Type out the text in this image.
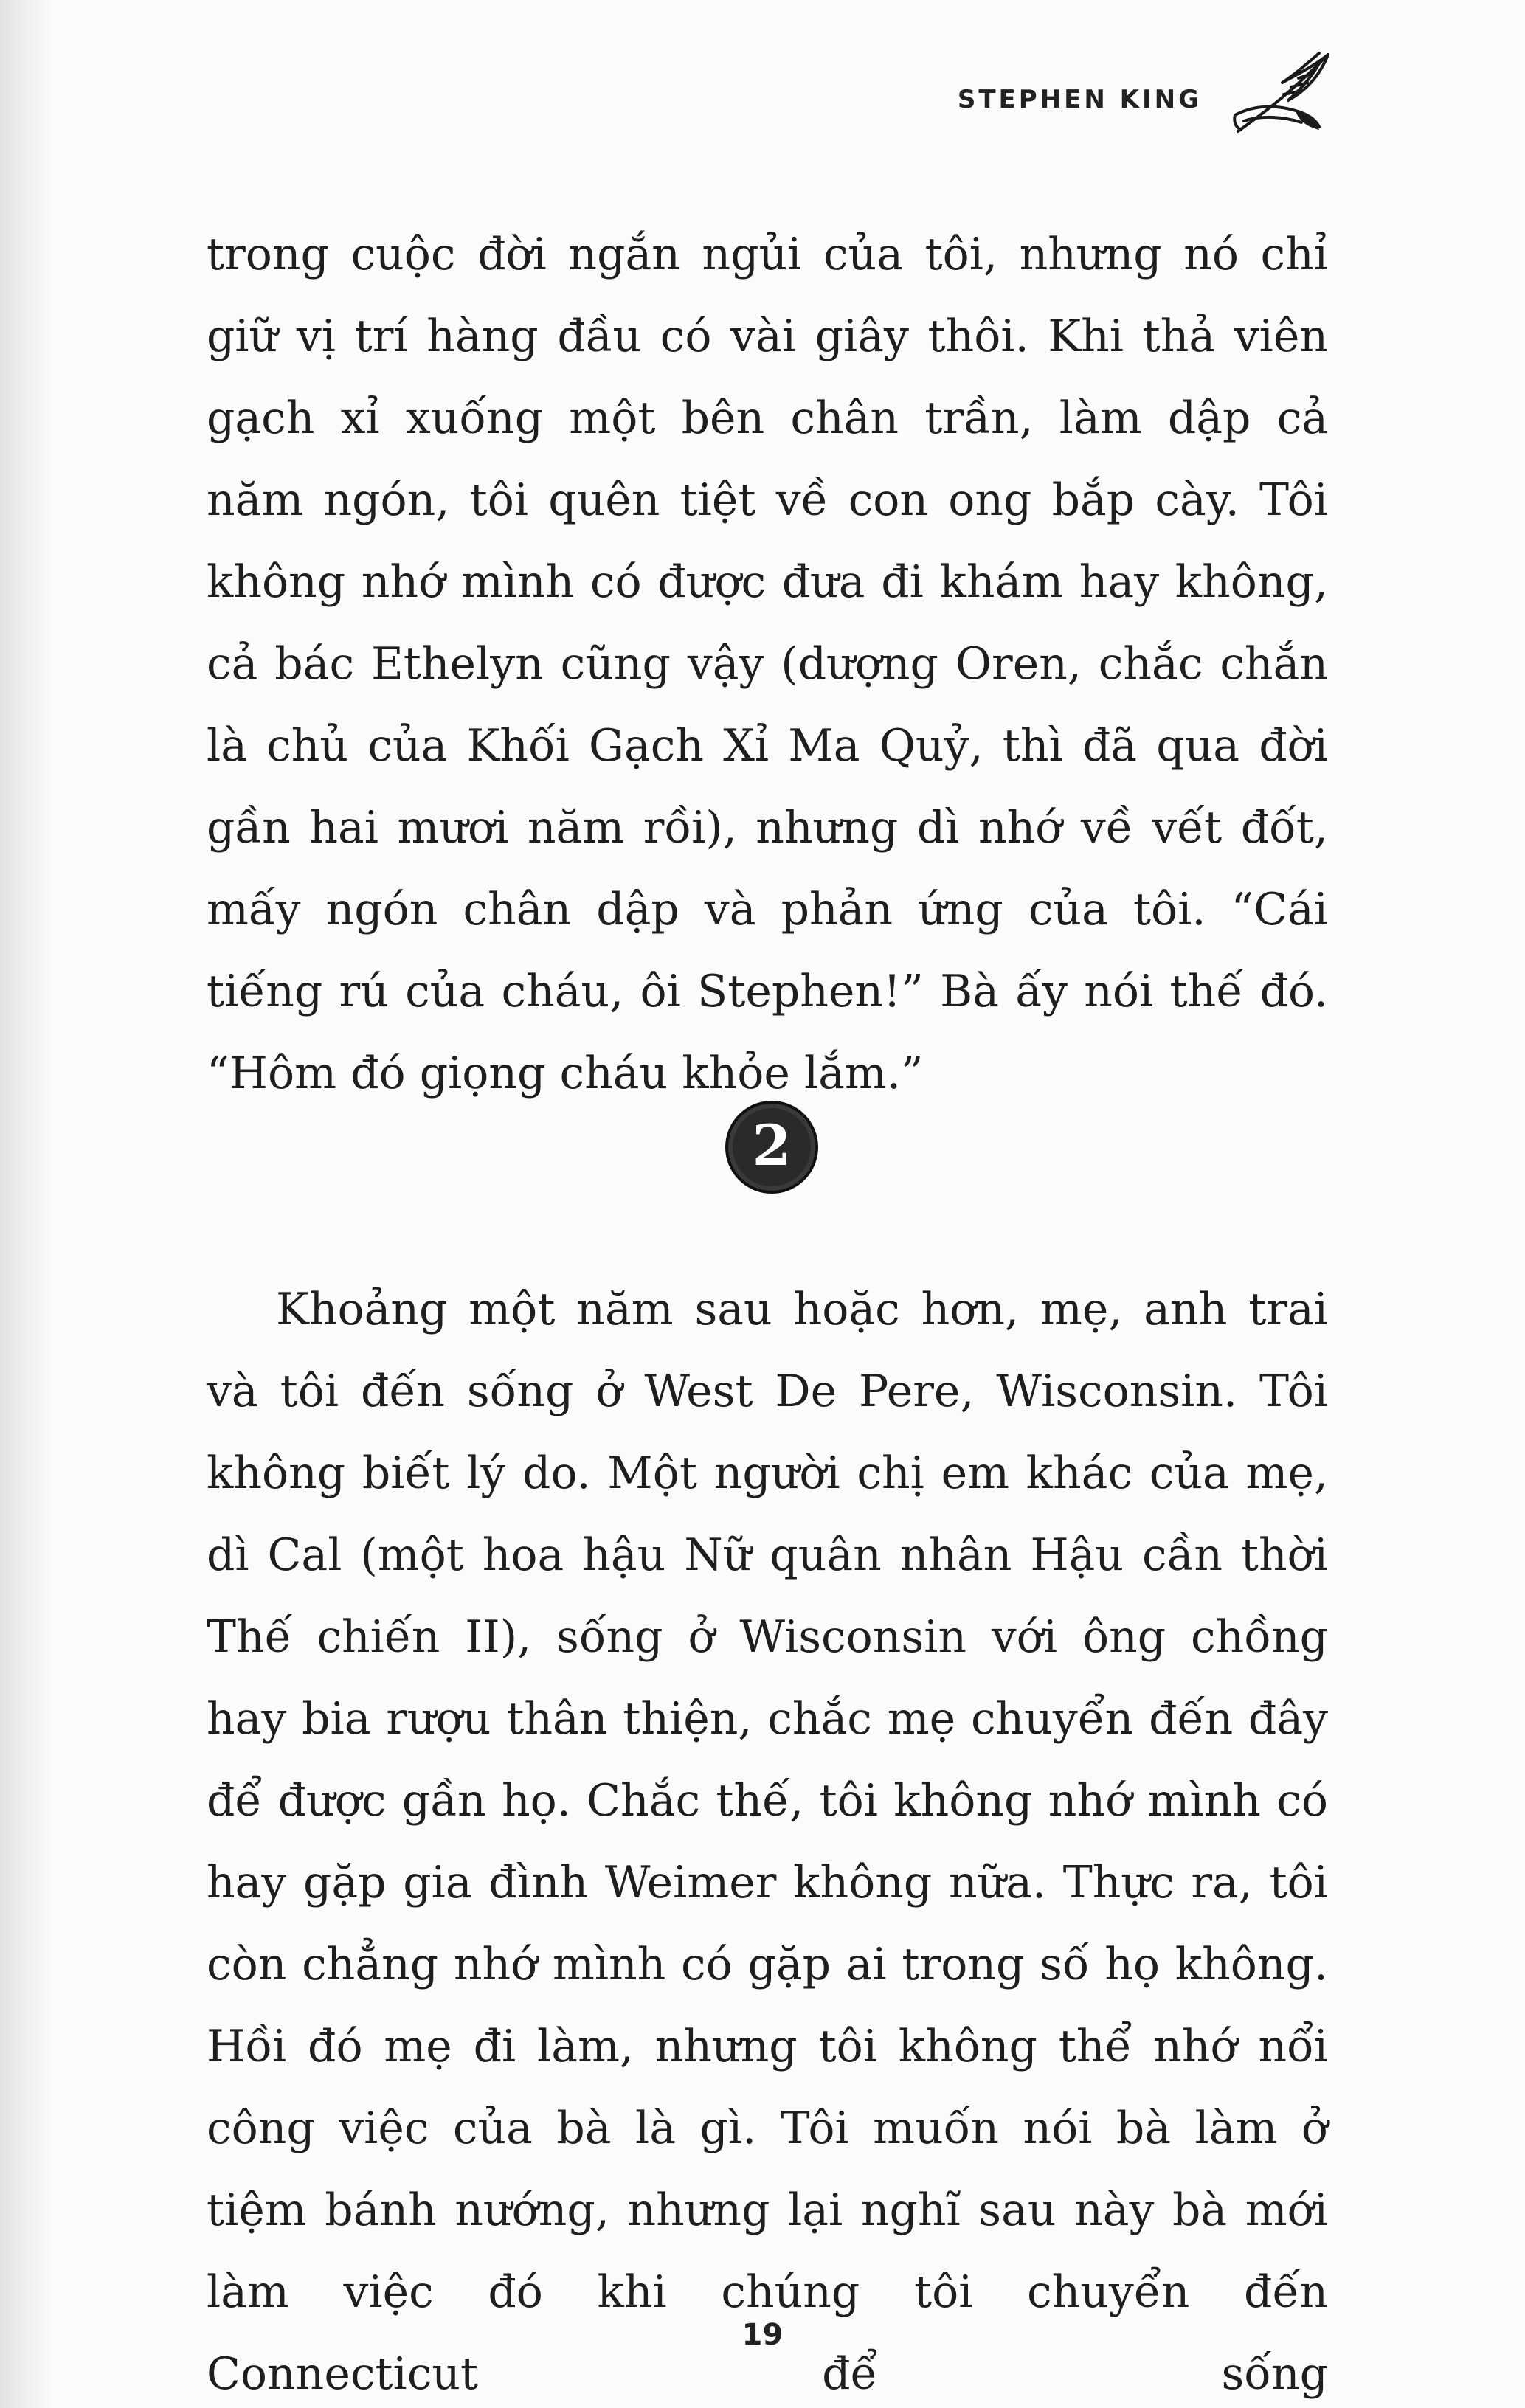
STEPHEN KING
trong cuộc đời ngắn ngủi của tôi, nhưng nó chỉ giữ vị trí hàng đầu có vài giây thôi. Khi thả viên gạch xỉ xuống một bên chân trần, làm dập cả năm ngón, tôi quên tiệt về con ong bắp cày. Tôi không nhớ mình có được đưa đi khám hay không, cả bác Ethelyn cũng vậy (dượng Oren, chắc chắn là chủ của Khối Gạch Xỉ Ma Quỷ, thì đã qua đời gần hai mươi năm rồi), nhưng dì nhớ về vết đốt, mấy ngón chân dập và phản ứng của tôi. “Cái tiếng rú của cháu, ôi Stephen!” Bà ấy nói thế đó. “Hôm đó giọng cháu khỏe lắm.”
2
Khoảng một năm sau hoặc hơn, mẹ, anh trai và tôi đến sống ở West De Pere, Wisconsin. Tôi không biết lý do. Một người chị em khác của mẹ, dì Cal (một hoa hậu Nữ quân nhân Hậu cần thời Thế chiến II), sống ở Wisconsin với ông chồng hay bia rượu thân thiện, chắc mẹ chuyển đến đây để được gần họ. Chắc thế, tôi không nhớ mình có hay gặp gia đình Weimer không nữa. Thực ra, tôi còn chẳng nhớ mình có gặp ai trong số họ không. Hồi đó mẹ đi làm, nhưng tôi không thể nhớ nổi công việc của bà là gì. Tôi muốn nói bà làm ở tiệm bánh nướng, nhưng lại nghĩ sau này bà mới làm việc đó khi chúng tôi chuyển đến Connecticut để sống
19
